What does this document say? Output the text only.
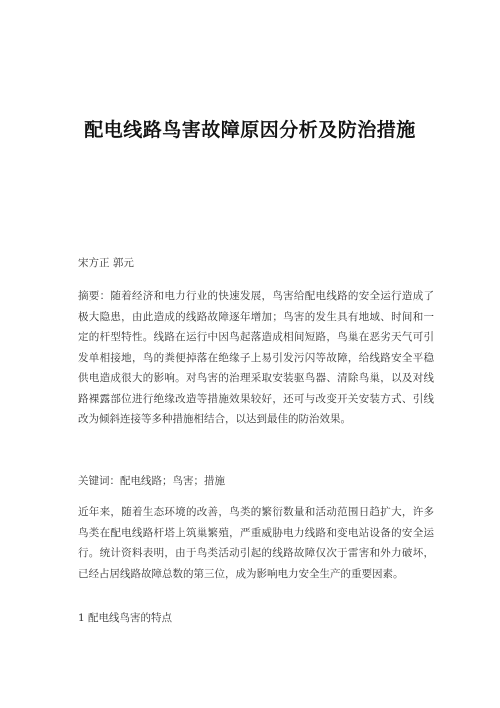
配电线路鸟害故障原因分析及防治措施

宋方正 郭元

摘要：随着经济和电力行业的快速发展，鸟害给配电线路的安全运行造成了极大隐患，由此造成的线路故障逐年增加；鸟害的发生具有地域、时间和一定的杆型特性。线路在运行中因鸟起落造成相间短路，鸟巢在恶劣天气可引发单相接地，鸟的粪便掉落在绝缘子上易引发污闪等故障，给线路安全平稳供电造成很大的影响。对鸟害的治理采取安装驱鸟器、清除鸟巢，以及对线路裸露部位进行绝缘改造等措施效果较好，还可与改变开关安装方式、引线改为倾斜连接等多种措施相结合，以达到最佳的防治效果。

关键词：配电线路；鸟害；措施

近年来，随着生态环境的改善，鸟类的繁衍数量和活动范围日趋扩大，许多鸟类在配电线路杆塔上筑巢繁殖，严重威胁电力线路和变电站设备的安全运行。统计资料表明，由于鸟类活动引起的线路故障仅次于雷害和外力破坏，已经占居线路故障总数的第三位，成为影响电力安全生产的重要因素。

1 配电线鸟害的特点
